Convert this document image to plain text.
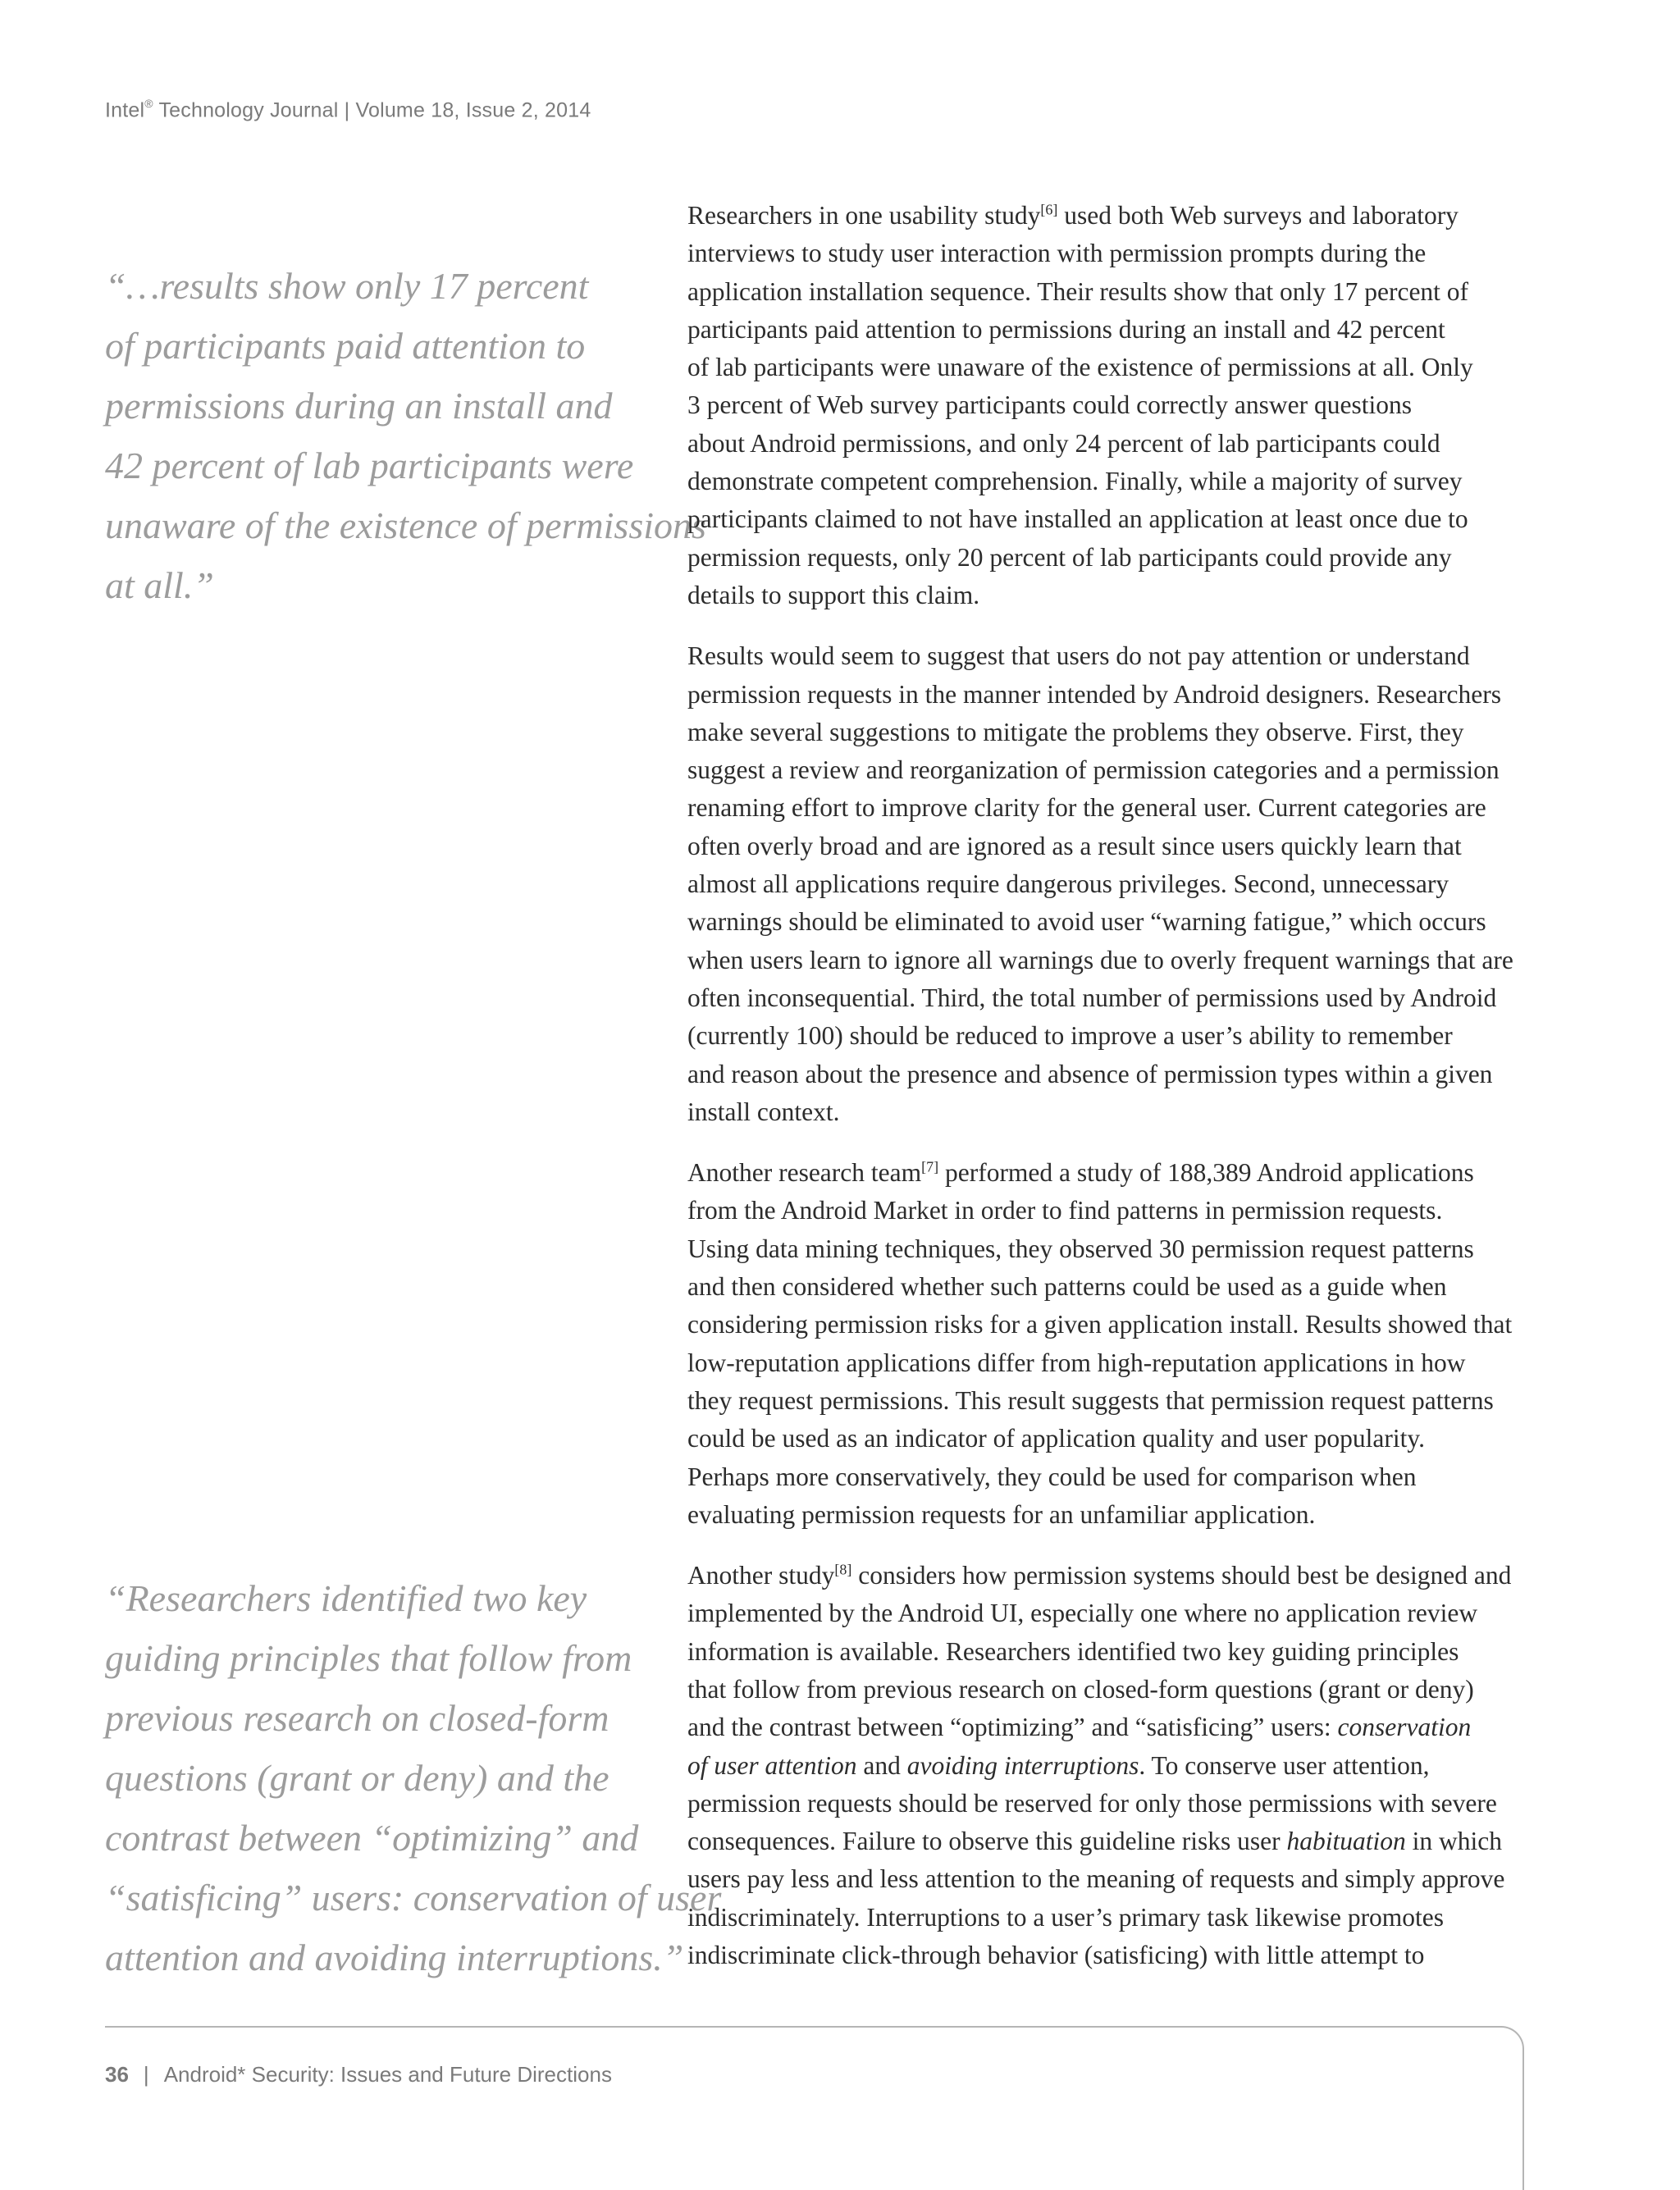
Intel® Technology Journal | Volume 18, Issue 2, 2014
“…results show only 17 percent
of participants paid attention to
permissions during an install and
42 percent of lab participants were
unaware of the existence of permissions
at all.”
“Researchers identified two key
guiding principles that follow from
previous research on closed-form
questions (grant or deny) and the
contrast between “optimizing” and
“satisficing” users: conservation of user
attention and avoiding interruptions.”
Researchers in one usability study[6] used both Web surveys and laboratory
interviews to study user interaction with permission prompts during the
application installation sequence. Their results show that only 17 percent of
participants paid attention to permissions during an install and 42 percent
of lab participants were unaware of the existence of permissions at all. Only
3 percent of Web survey participants could correctly answer questions
about Android permissions, and only 24 percent of lab participants could
demonstrate competent comprehension. Finally, while a majority of survey
participants claimed to not have installed an application at least once due to
permission requests, only 20 percent of lab participants could provide any
details to support this claim.
Results would seem to suggest that users do not pay attention or understand
permission requests in the manner intended by Android designers. Researchers
make several suggestions to mitigate the problems they observe. First, they
suggest a review and reorganization of permission categories and a permission
renaming effort to improve clarity for the general user. Current categories are
often overly broad and are ignored as a result since users quickly learn that
almost all applications require dangerous privileges. Second, unnecessary
warnings should be eliminated to avoid user “warning fatigue,” which occurs
when users learn to ignore all warnings due to overly frequent warnings that are
often inconsequential. Third, the total number of permissions used by Android
(currently 100) should be reduced to improve a user’s ability to remember
and reason about the presence and absence of permission types within a given
install context.
Another research team[7] performed a study of 188,389 Android applications
from the Android Market in order to find patterns in permission requests.
Using data mining techniques, they observed 30 permission request patterns
and then considered whether such patterns could be used as a guide when
considering permission risks for a given application install. Results showed that
low-reputation applications differ from high-reputation applications in how
they request permissions. This result suggests that permission request patterns
could be used as an indicator of application quality and user popularity.
Perhaps more conservatively, they could be used for comparison when
evaluating permission requests for an unfamiliar application.
Another study[8] considers how permission systems should best be designed and
implemented by the Android UI, especially one where no application review
information is available. Researchers identified two key guiding principles
that follow from previous research on closed-form questions (grant or deny)
and the contrast between “optimizing” and “satisficing” users: conservation
of user attention and avoiding interruptions. To conserve user attention,
permission requests should be reserved for only those permissions with severe
consequences. Failure to observe this guideline risks user habituation in which
users pay less and less attention to the meaning of requests and simply approve
indiscriminately. Interruptions to a user’s primary task likewise promotes
indiscriminate click-through behavior (satisficing) with little attempt to
36 | Android* Security: Issues and Future Directions
